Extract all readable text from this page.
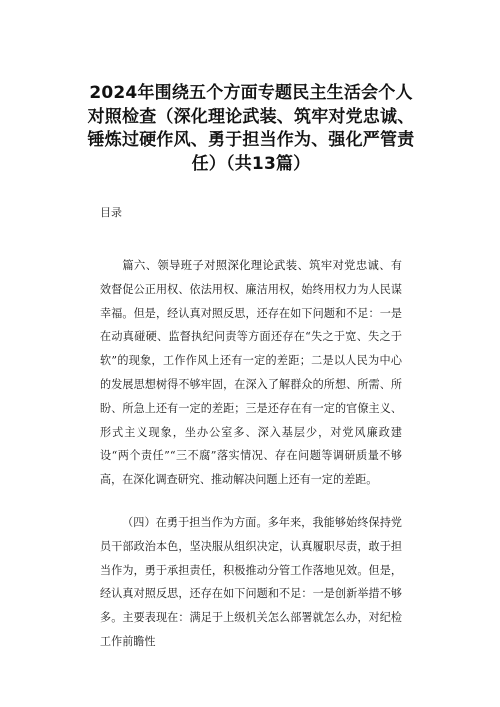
2024年围绕五个方面专题民主生活会个人对照检查（深化理论武装、筑牢对党忠诚、锤炼过硬作风、勇于担当作为、强化严管责任）（共13篇）

目录

篇六、领导班子对照深化理论武装、筑牢对党忠诚、有效督促公正用权、依法用权、廉洁用权，始终用权力为人民谋幸福。但是，经认真对照反思，还存在如下问题和不足：一是在动真碰硬、监督执纪问责等方面还存在“失之于宽、失之于软”的现象，工作作风上还有一定的差距；二是以人民为中心的发展思想树得不够牢固，在深入了解群众的所想、所需、所盼、所急上还有一定的差距；三是还存在有一定的官僚主义、形式主义现象，坐办公室多、深入基层少，对党风廉政建设“两个责任”“三不腐”落实情况、存在问题等调研质量不够高，在深化调查研究、推动解决问题上还有一定的差距。

（四）在勇于担当作为方面。多年来，我能够始终保持党员干部政治本色，坚决服从组织决定，认真履职尽责，敢于担当作为，勇于承担责任，积极推动分管工作落地见效。但是，经认真对照反思，还存在如下问题和不足：一是创新举措不够多。主要表现在：满足于上级机关怎么部署就怎么办，对纪检工作前瞻性
